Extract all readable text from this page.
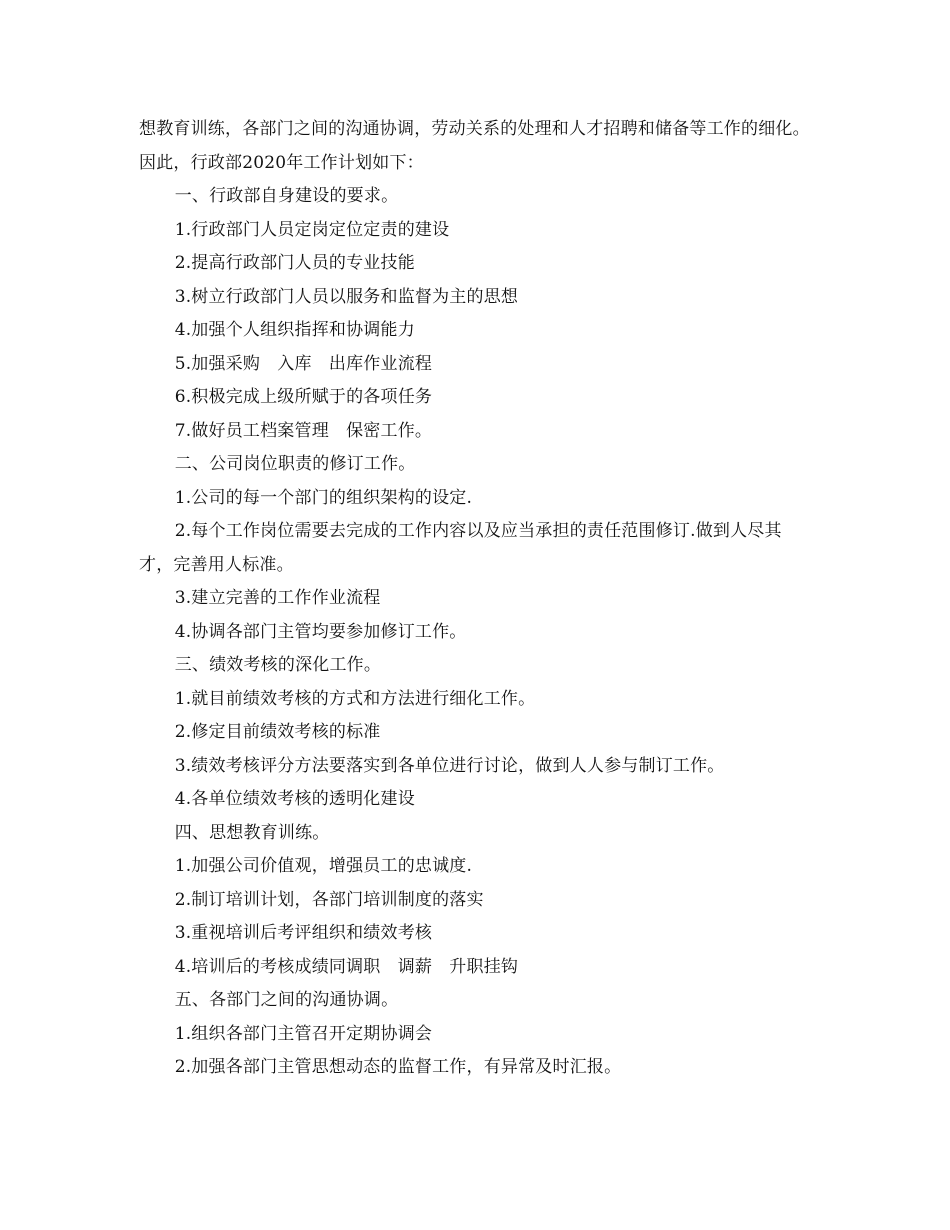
想教育训练，各部门之间的沟通协调，劳动关系的处理和人才招聘和储备等工作的细化。因此，行政部2020年工作计划如下：

一、行政部自身建设的要求。

1.行政部门人员定岗定位定责的建设

2.提高行政部门人员的专业技能

3.树立行政部门人员以服务和监督为主的思想

4.加强个人组织指挥和协调能力

5.加强采购　入库　出库作业流程

6.积极完成上级所赋于的各项任务

7.做好员工档案管理　保密工作。

二、公司岗位职责的修订工作。

1.公司的每一个部门的组织架构的设定.

2.每个工作岗位需要去完成的工作内容以及应当承担的责任范围修订.做到人尽其才，完善用人标准。

3.建立完善的工作作业流程

4.协调各部门主管均要参加修订工作。

三、绩效考核的深化工作。

1.就目前绩效考核的方式和方法进行细化工作。

2.修定目前绩效考核的标准

3.绩效考核评分方法要落实到各单位进行讨论，做到人人参与制订工作。

4.各单位绩效考核的透明化建设

四、思想教育训练。

1.加强公司价值观，增强员工的忠诚度.

2.制订培训计划，各部门培训制度的落实

3.重视培训后考评组织和绩效考核

4.培训后的考核成绩同调职　调薪　升职挂钩

五、各部门之间的沟通协调。

1.组织各部门主管召开定期协调会

2.加强各部门主管思想动态的监督工作，有异常及时汇报。
